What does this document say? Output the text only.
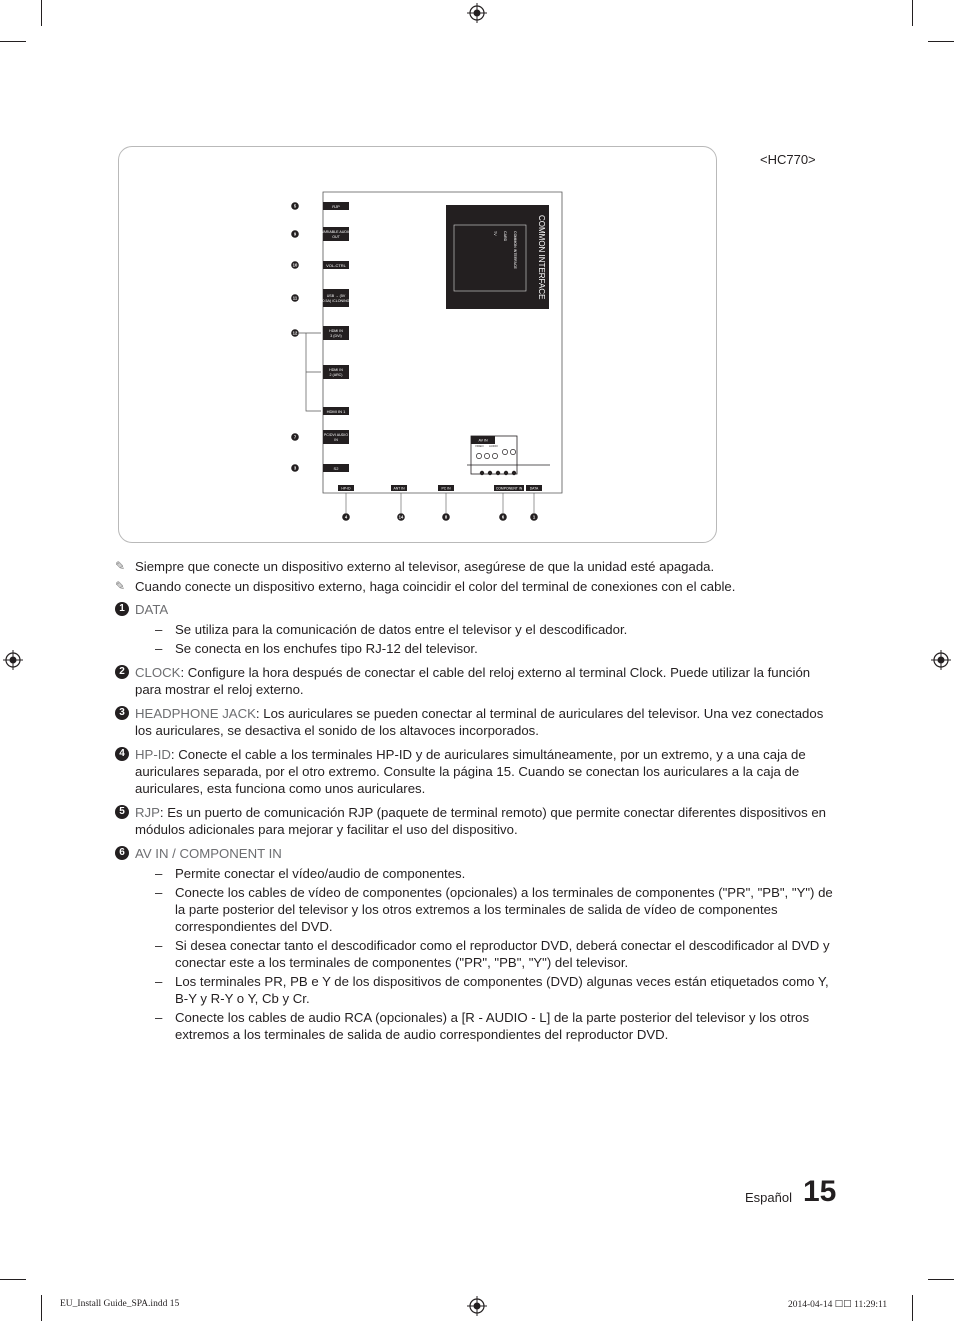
<HC770>
RJP
VARIABLE AUDIO
OUT
VOL-CTRL
USB → (5V
0.5A) /CLONING
HDMI IN
3 (DVI)
HDMI IN
2 (ARC)
HDMI IN 1
PC/DVI AUDIO
IN
S2
5
9
10
11
12
7
3
HP-ID	ANT IN	PC IN	COMPONENT IN DATA
4	14	8	6	1
COMMON INTERFACE
COMMON INTERFACE
CARD
TV
AV IN
VIDEO AUDIO
✎ Siempre que conecte un dispositivo externo al televisor, asegúrese de que la unidad esté apagada.
✎ Cuando conecte un dispositivo externo, haga coincidir el color del terminal de conexiones con el cable.
1 DATA
– Se utiliza para la comunicación de datos entre el televisor y el descodificador.
– Se conecta en los enchufes tipo RJ-12 del televisor.
2 CLOCK: Configure la hora después de conectar el cable del reloj externo al terminal Clock. Puede utilizar la función para mostrar el reloj externo.
3 HEADPHONE JACK: Los auriculares se pueden conectar al terminal de auriculares del televisor. Una vez conectados los auriculares, se desactiva el sonido de los altavoces incorporados.
4 HP-ID: Conecte el cable a los terminales HP-ID y de auriculares simultáneamente, por un extremo, y a una caja de auriculares separada, por el otro extremo. Consulte la página 15. Cuando se conectan los auriculares a la caja de auriculares, esta funciona como unos auriculares.
5 RJP: Es un puerto de comunicación RJP (paquete de terminal remoto) que permite conectar diferentes dispositivos en módulos adicionales para mejorar y facilitar el uso del dispositivo.
6 AV IN / COMPONENT IN
– Permite conectar el vídeo/audio de componentes.
– Conecte los cables de vídeo de componentes (opcionales) a los terminales de componentes ("PR", "PB", "Y") de la parte posterior del televisor y los otros extremos a los terminales de salida de vídeo de componentes correspondientes del DVD.
– Si desea conectar tanto el descodificador como el reproductor DVD, deberá conectar el descodificador al DVD y conectar este a los terminales de componentes ("PR", "PB", "Y") del televisor.
– Los terminales PR, PB e Y de los dispositivos de componentes (DVD) algunas veces están etiquetados como Y, B-Y y R-Y o Y, Cb y Cr.
– Conecte los cables de audio RCA (opcionales) a [R - AUDIO - L] de la parte posterior del televisor y los otros extremos a los terminales de salida de audio correspondientes del reproductor DVD.
Español 15
EU_Install Guide_SPA.indd 15	2014-04-14 ☐☐ 11:29:11
